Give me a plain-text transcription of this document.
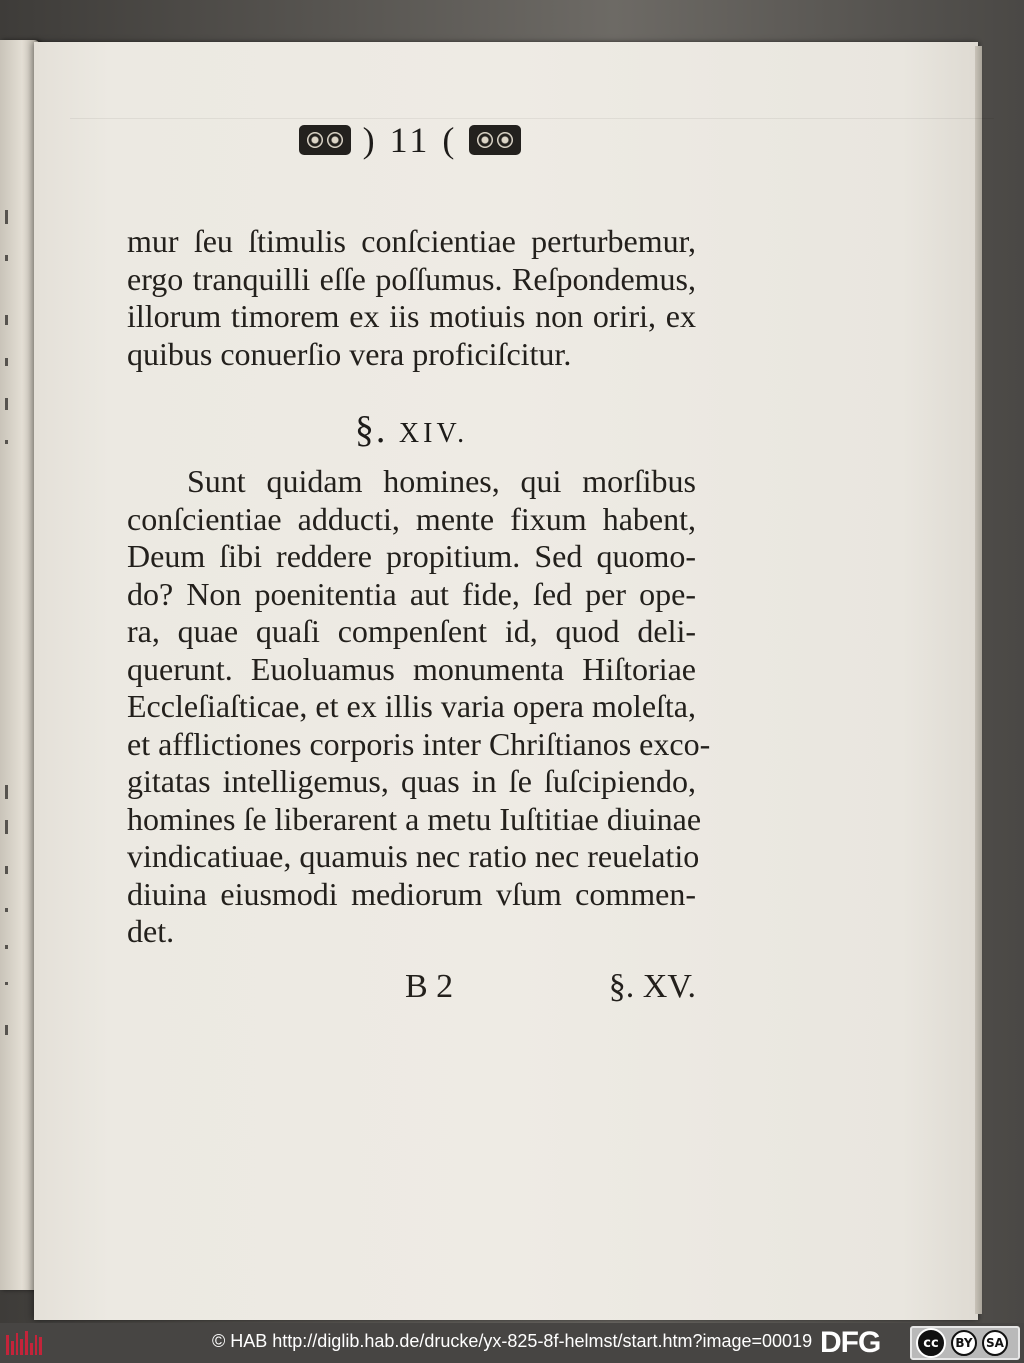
) 11 (
mur ſeu ſtimulis conſcientiae perturbemur,
ergo tranquilli eſſe poſſumus. Reſpondemus,
illorum timorem ex iis motiuis non oriri, ex
quibus conuerſio vera proficiſcitur.
§. XIV.
Sunt quidam homines, qui morſibus
conſcientiae adducti, mente fixum habent,
Deum ſibi reddere propitium. Sed quomo-
do? Non poenitentia aut fide, ſed per ope-
ra, quae quaſi compenſent id, quod deli-
querunt. Euoluamus monumenta Hiſtoriae
Eccleſiaſticae, et ex illis varia opera moleſta,
et afflictiones corporis inter Chriſtianos exco-
gitatas intelligemus, quas in ſe ſuſcipiendo,
homines ſe liberarent a metu Iuſtitiae diuinae
vindicatiuae, quamuis nec ratio nec reuelatio
diuina eiusmodi mediorum vſum commen-
det.
B 2	§. XV.
© HAB http://diglib.hab.de/drucke/yx-825-8f-helmst/start.htm?image=00019 DFG	cc	BY	SA
